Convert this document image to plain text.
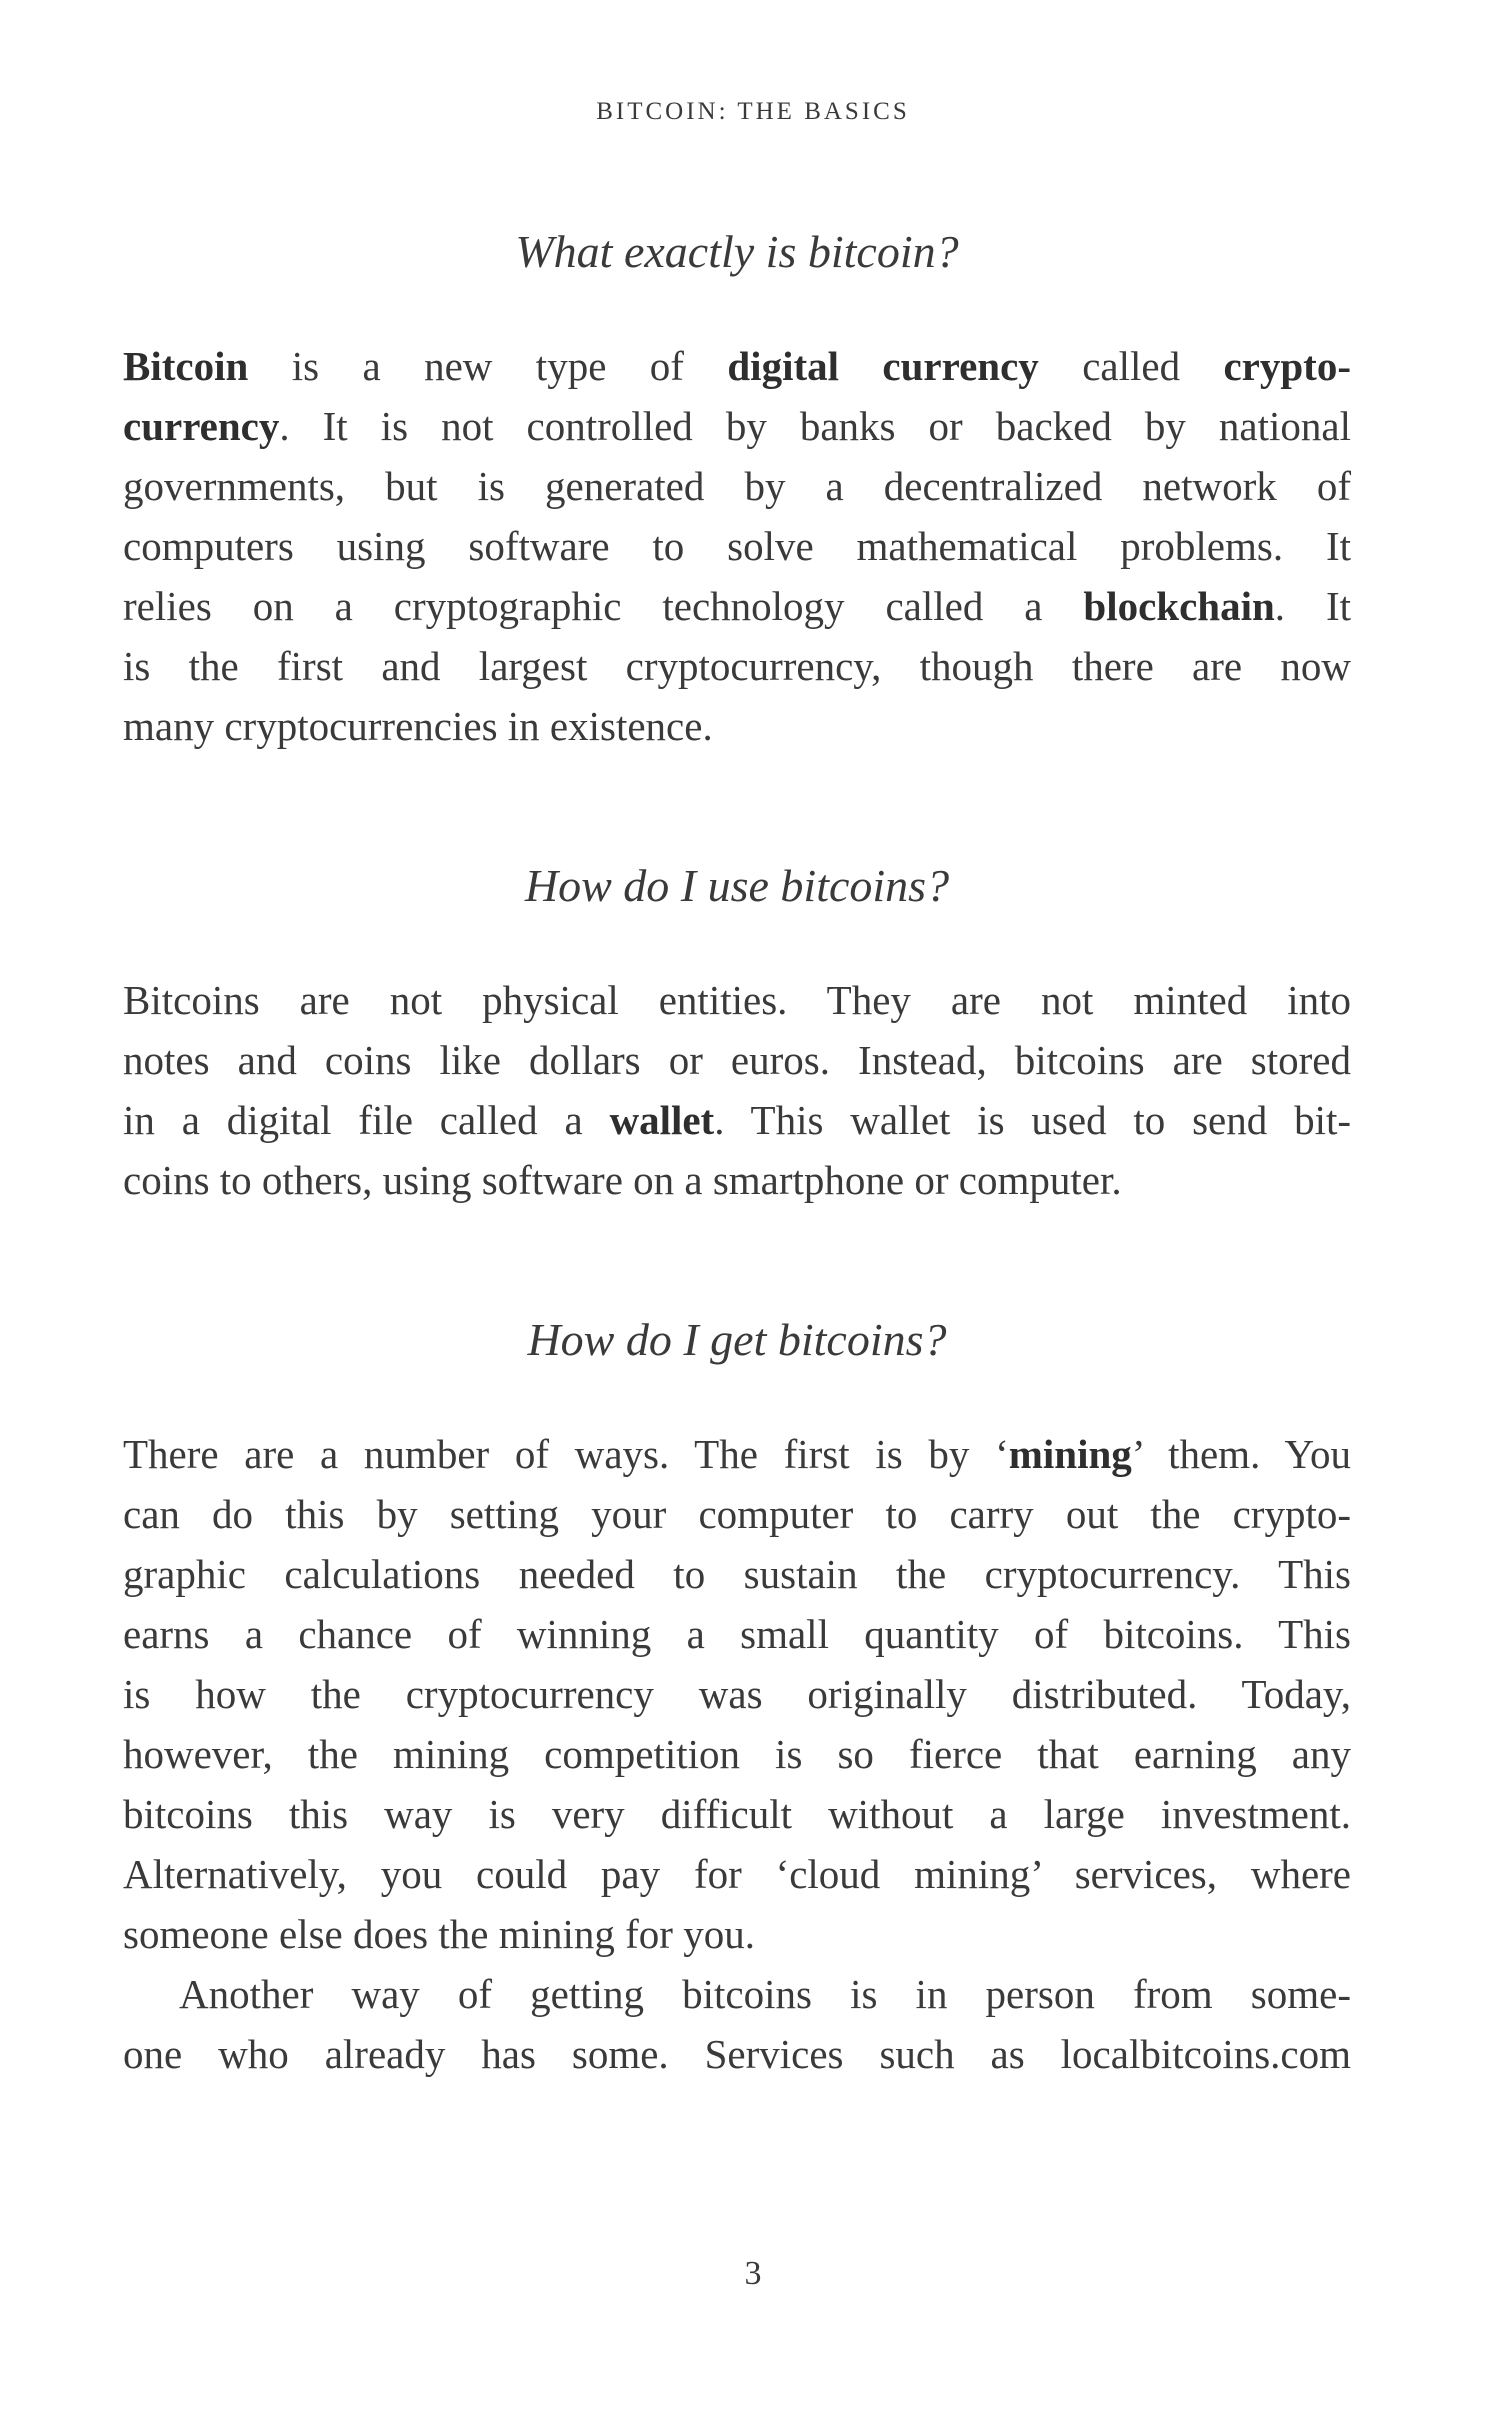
BITCOIN: THE BASICS
What exactly is bitcoin?
Bitcoin is a new type of digital currency called crypto-
currency. It is not controlled by banks or backed by national
governments, but is generated by a decentralized network of
computers using software to solve mathematical problems. It
relies on a cryptographic technology called a blockchain. It
is the first and largest cryptocurrency, though there are now
many cryptocurrencies in existence.
How do I use bitcoins?
Bitcoins are not physical entities. They are not minted into
notes and coins like dollars or euros. Instead, bitcoins are stored
in a digital file called a wallet. This wallet is used to send bit-
coins to others, using software on a smartphone or computer.
How do I get bitcoins?
There are a number of ways. The first is by ‘mining’ them. You
can do this by setting your computer to carry out the crypto-
graphic calculations needed to sustain the cryptocurrency. This
earns a chance of winning a small quantity of bitcoins. This
is how the cryptocurrency was originally distributed. Today,
however, the mining competition is so fierce that earning any
bitcoins this way is very difficult without a large investment.
Alternatively, you could pay for ‘cloud mining’ services, where
someone else does the mining for you.
Another way of getting bitcoins is in person from some-
one who already has some. Services such as localbitcoins.com
3
